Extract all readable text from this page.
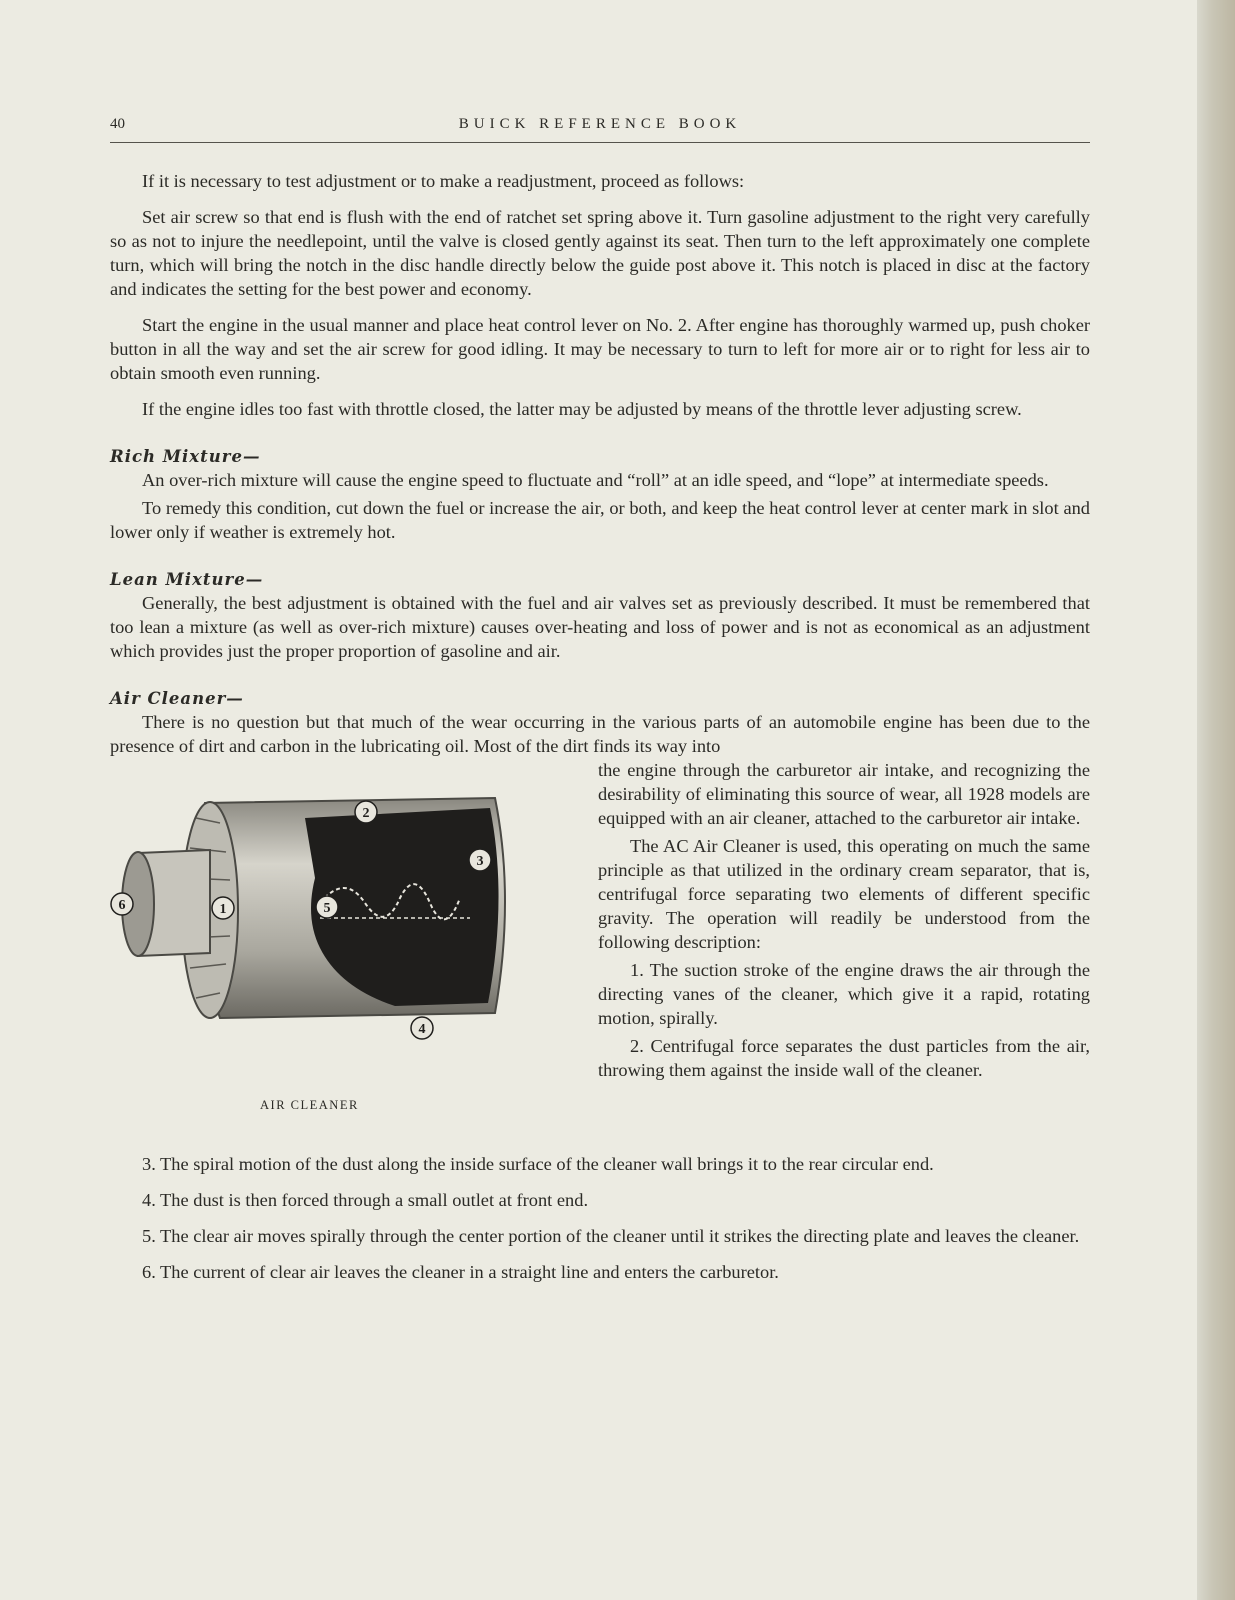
40	BUICK REFERENCE BOOK

If it is necessary to test adjustment or to make a readjustment, proceed as follows:

Set air screw so that end is flush with the end of ratchet set spring above it. Turn gasoline adjustment to the right very carefully so as not to injure the needlepoint, until the valve is closed gently against its seat. Then turn to the left approximately one complete turn, which will bring the notch in the disc handle directly below the guide post above it. This notch is placed in disc at the factory and indicates the setting for the best power and economy.

Start the engine in the usual manner and place heat control lever on No. 2. After engine has thoroughly warmed up, push choker button in all the way and set the air screw for good idling. It may be necessary to turn to left for more air or to right for less air to obtain smooth even running.

If the engine idles too fast with throttle closed, the latter may be adjusted by means of the throttle lever adjusting screw.

Rich Mixture—

An over-rich mixture will cause the engine speed to fluctuate and “roll” at an idle speed, and “lope” at intermediate speeds.

To remedy this condition, cut down the fuel or increase the air, or both, and keep the heat control lever at center mark in slot and lower only if weather is extremely hot.

Lean Mixture—

Generally, the best adjustment is obtained with the fuel and air valves set as previously described. It must be remembered that too lean a mixture (as well as over-rich mixture) causes over-heating and loss of power and is not as economical as an adjustment which provides just the proper proportion of gasoline and air.

Air Cleaner—

There is no question but that much of the wear occurring in the various parts of an automobile engine has been due to the presence of dirt and carbon in the lubricating oil. Most of the dirt finds its way into

1
2
3
4
5
6
AIR CLEANER

the engine through the carburetor air intake, and recognizing the desirability of eliminating this source of wear, all 1928 models are equipped with an air cleaner, attached to the carburetor air intake.

The AC Air Cleaner is used, this operating on much the same principle as that utilized in the ordinary cream separator, that is, centrifugal force separating two elements of different specific gravity. The operation will readily be understood from the following description:

1. The suction stroke of the engine draws the air through the directing vanes of the cleaner, which give it a rapid, rotating motion, spirally.

2. Centrifugal force separates the dust particles from the air, throwing them against the inside wall of the cleaner.

3. The spiral motion of the dust along the inside surface of the cleaner wall brings it to the rear circular end.

4. The dust is then forced through a small outlet at front end.

5. The clear air moves spirally through the center portion of the cleaner until it strikes the directing plate and leaves the cleaner.

6. The current of clear air leaves the cleaner in a straight line and enters the carburetor.
